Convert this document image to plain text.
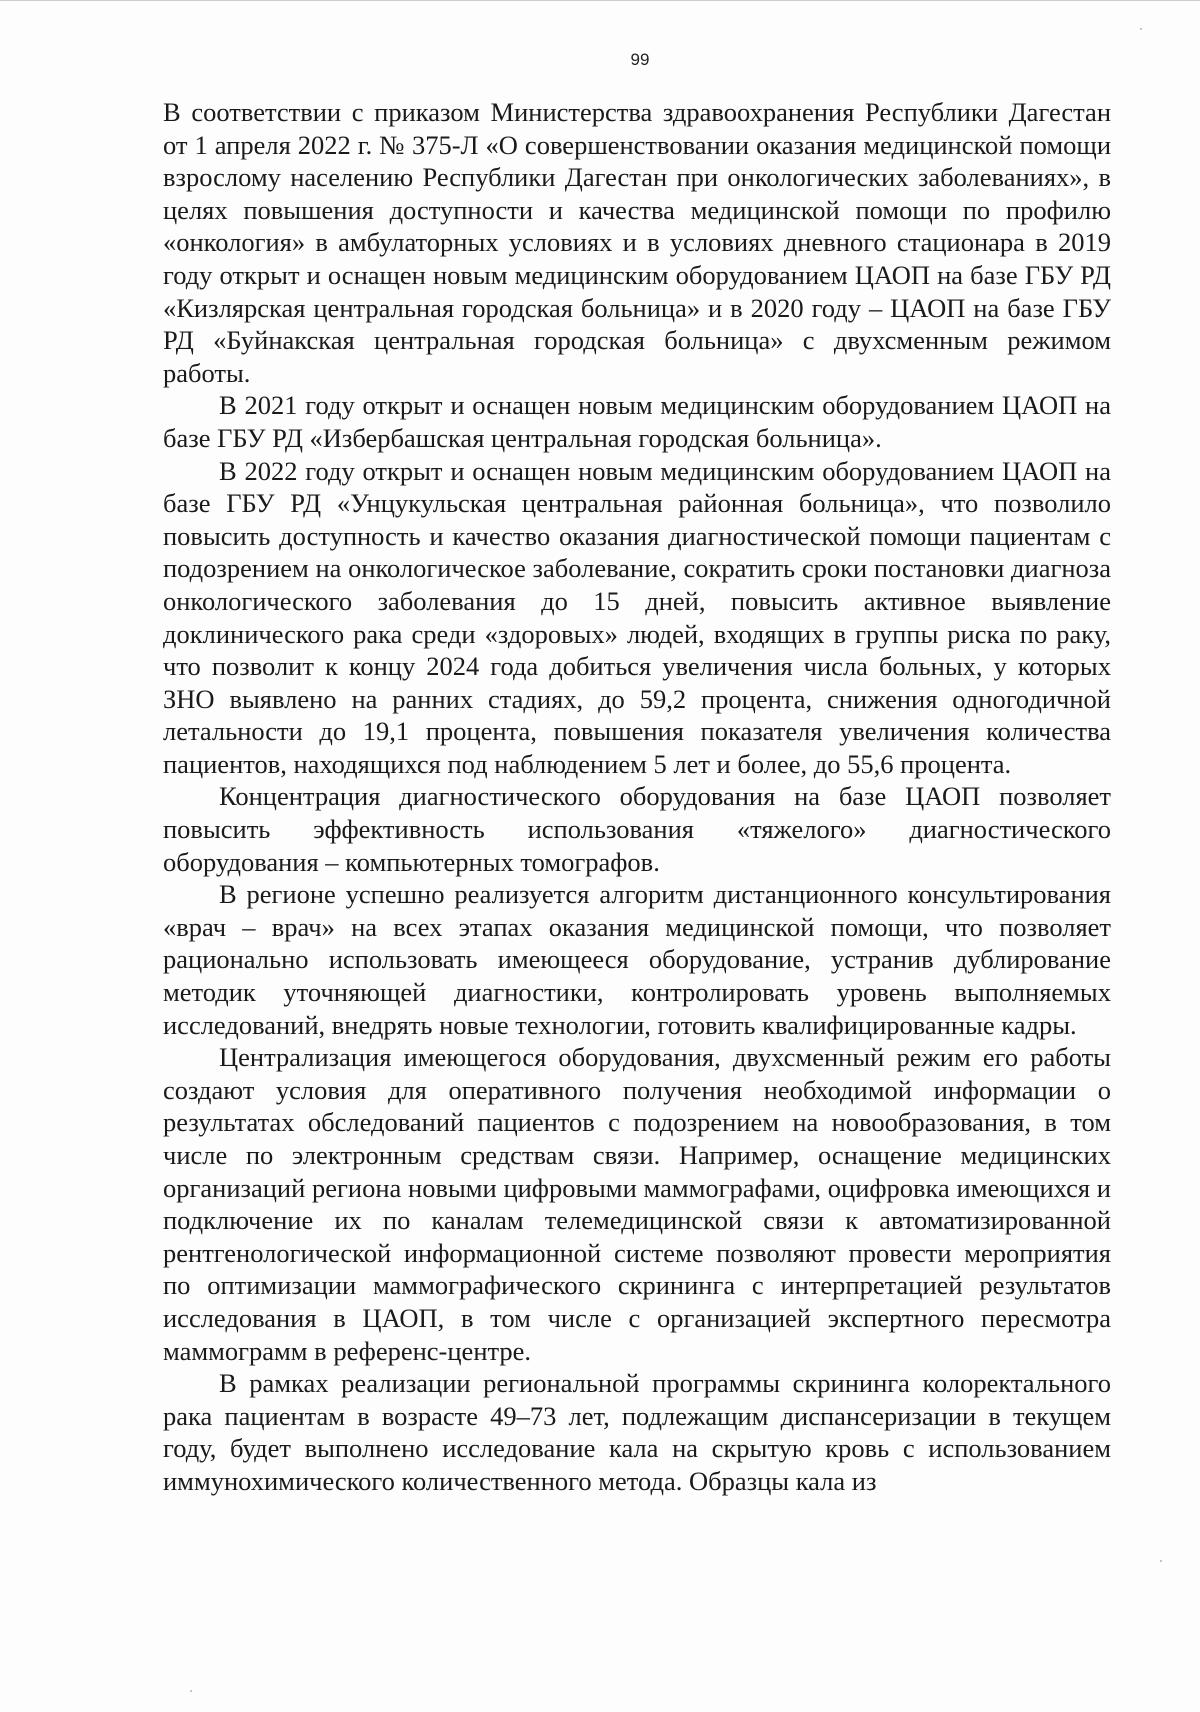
99

В соответствии с приказом Министерства здравоохранения Республики Дагестан от 1 апреля 2022 г. № 375-Л «О совершенствовании оказания медицинской помощи взрослому населению Республики Дагестан при онкологических заболеваниях», в целях повышения доступности и качества медицинской помощи по профилю «онкология» в амбулаторных условиях и в условиях дневного стационара в 2019 году открыт и оснащен новым медицинским оборудованием ЦАОП на базе ГБУ РД «Кизлярская центральная городская больница» и в 2020 году – ЦАОП на базе ГБУ РД «Буйнакская центральная городская больница» с двухсменным режимом работы.

В 2021 году открыт и оснащен новым медицинским оборудованием ЦАОП на базе ГБУ РД «Избербашская центральная городская больница».

В 2022 году открыт и оснащен новым медицинским оборудованием ЦАОП на базе ГБУ РД «Унцукульская центральная районная больница», что позволило повысить доступность и качество оказания диагностической помощи пациентам с подозрением на онкологическое заболевание, сократить сроки постановки диагноза онкологического заболевания до 15 дней, повысить активное выявление доклинического рака среди «здоровых» людей, входящих в группы риска по раку, что позволит к концу 2024 года добиться увеличения числа больных, у которых ЗНО выявлено на ранних стадиях, до 59,2 процента, снижения одногодичной летальности до 19,1 процента, повышения показателя увеличения количества пациентов, находящихся под наблюдением 5 лет и более, до 55,6 процента.

Концентрация диагностического оборудования на базе ЦАОП позволяет повысить эффективность использования «тяжелого» диагностического оборудования – компьютерных томографов.

В регионе успешно реализуется алгоритм дистанционного консультирования «врач – врач» на всех этапах оказания медицинской помощи, что позволяет рационально использовать имеющееся оборудование, устранив дублирование методик уточняющей диагностики, контролировать уровень выполняемых исследований, внедрять новые технологии, готовить квалифицированные кадры.

Централизация имеющегося оборудования, двухсменный режим его работы создают условия для оперативного получения необходимой информации о результатах обследований пациентов с подозрением на новообразования, в том числе по электронным средствам связи. Например, оснащение медицинских организаций региона новыми цифровыми маммографами, оцифровка имеющихся и подключение их по каналам телемедицинской связи к автоматизированной рентгенологической информационной системе позволяют провести мероприятия по оптимизации маммографического скрининга с интерпретацией результатов исследования в ЦАОП, в том числе с организацией экспертного пересмотра маммограмм в референс-центре.

В рамках реализации региональной программы скрининга колоректального рака пациентам в возрасте 49–73 лет, подлежащим диспансеризации в текущем году, будет выполнено исследование кала на скрытую кровь с использованием иммунохимического количественного метода. Образцы кала из
